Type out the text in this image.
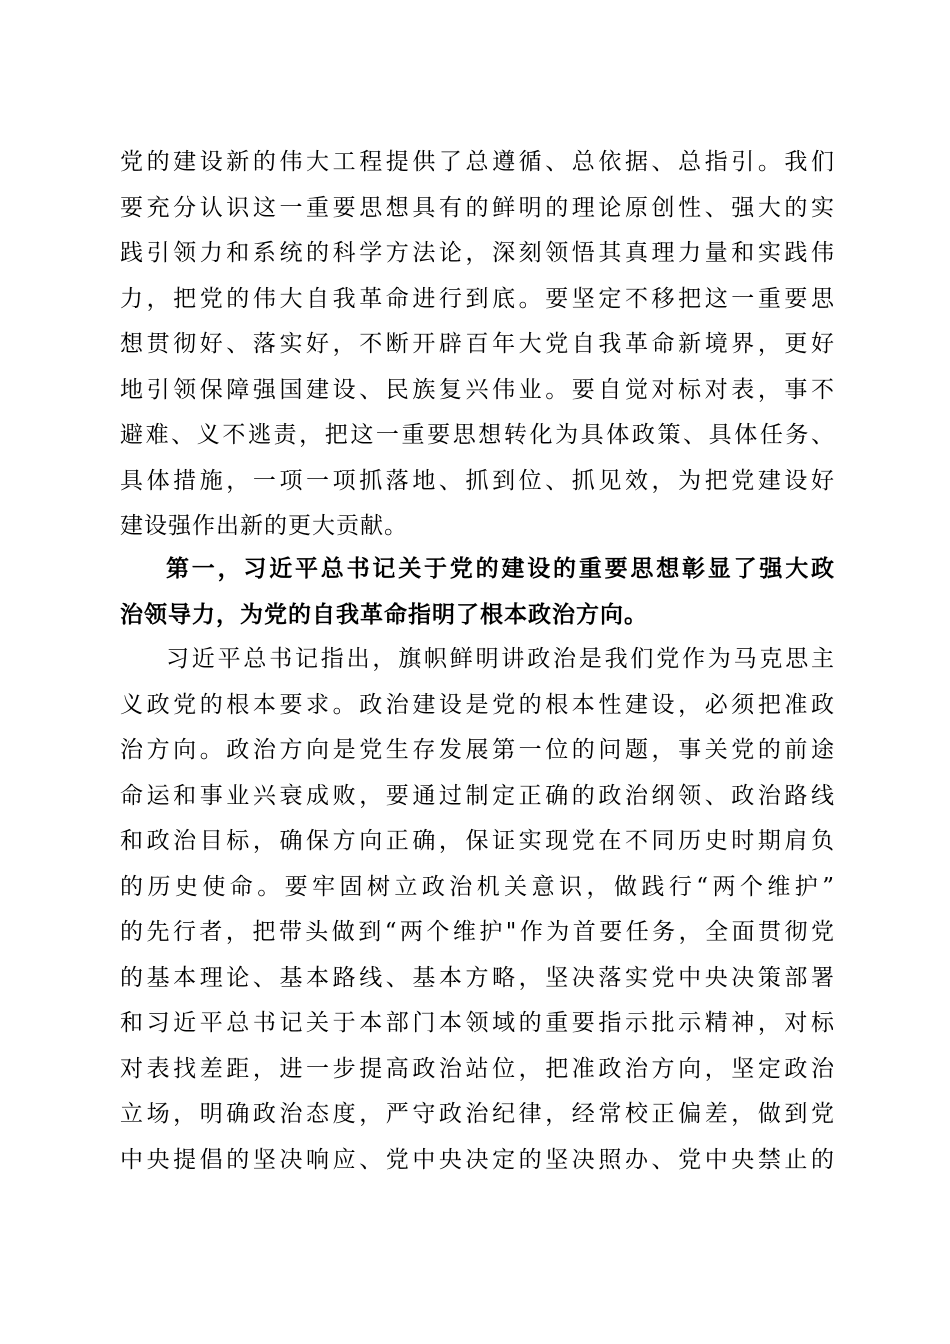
党的建设新的伟大工程提供了总遵循、总依据、总指引。我们
要充分认识这一重要思想具有的鲜明的理论原创性、强大的实
践引领力和系统的科学方法论，深刻领悟其真理力量和实践伟
力，把党的伟大自我革命进行到底。要坚定不移把这一重要思
想贯彻好、落实好，不断开辟百年大党自我革命新境界，更好
地引领保障强国建设、民族复兴伟业。要自觉对标对表，事不
避难、义不逃责，把这一重要思想转化为具体政策、具体任务、
具体措施，一项一项抓落地、抓到位、抓见效，为把党建设好
建设强作出新的更大贡献。
第一，习近平总书记关于党的建设的重要思想彰显了强大政
治领导力，为党的自我革命指明了根本政治方向。
习近平总书记指出，旗帜鲜明讲政治是我们党作为马克思主
义政党的根本要求。政治建设是党的根本性建设，必须把准政
治方向。政治方向是党生存发展第一位的问题，事关党的前途
命运和事业兴衰成败，要通过制定正确的政治纲领、政治路线
和政治目标，确保方向正确，保证实现党在不同历史时期肩负
的历史使命。要牢固树立政治机关意识，做践行“两个维护”
的先行者，把带头做到“两个维护"作为首要任务，全面贯彻党
的基本理论、基本路线、基本方略，坚决落实党中央决策部署
和习近平总书记关于本部门本领域的重要指示批示精神，对标
对表找差距，进一步提高政治站位，把准政治方向，坚定政治
立场，明确政治态度，严守政治纪律，经常校正偏差，做到党
中央提倡的坚决响应、党中央决定的坚决照办、党中央禁止的
